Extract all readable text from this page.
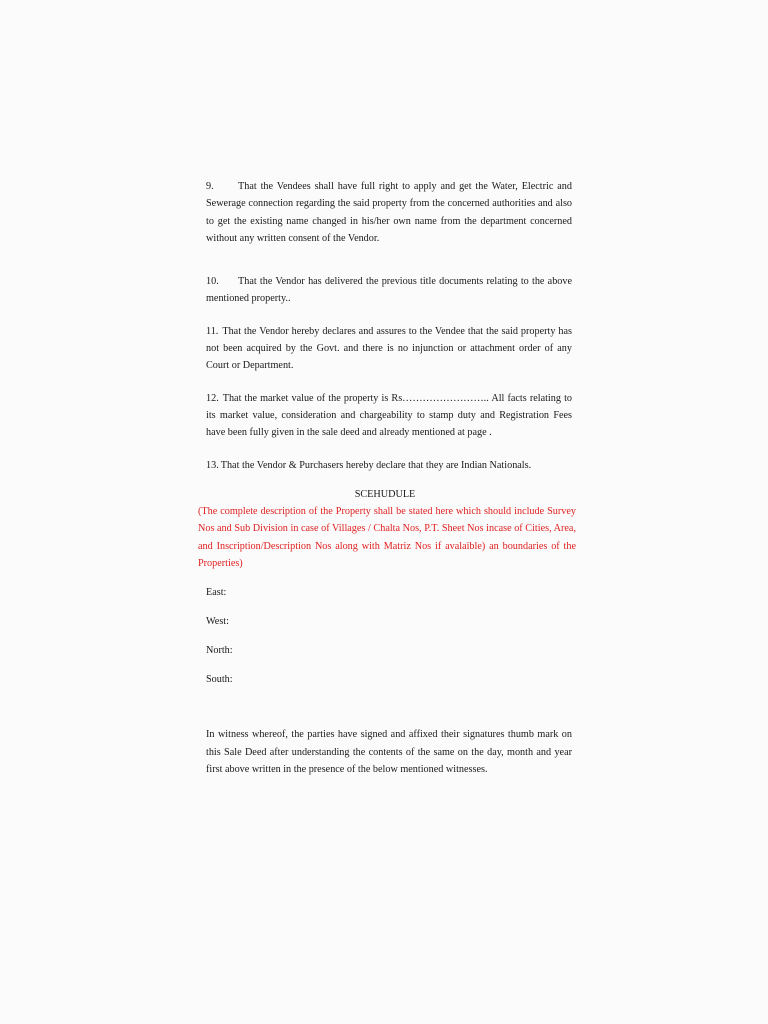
9. That the Vendees shall have full right to apply and get the Water, Electric and Sewerage connection regarding the said property from the concerned authorities and also to get the existing name changed in his/her own name from the department concerned without any written consent of the Vendor.

10. That the Vendor has delivered the previous title documents relating to the above mentioned property..

11. That the Vendor hereby declares and assures to the Vendee that the said property has not been acquired by the Govt. and there is no injunction or attachment order of any Court or Department.

12. That the market value of the property is Rs…………………….. All facts relating to its market value, consideration and chargeability to stamp duty and Registration Fees have been fully given in the sale deed and already mentioned at page .

13. That the Vendor & Purchasers hereby declare that they are Indian Nationals.

SCEHUDULE
(The complete description of the Property shall be stated here which should include Survey Nos and Sub Division in case of Villages / Chalta Nos, P.T. Sheet Nos incase of Cities, Area, and Inscription/Description Nos along with Matriz Nos if avalaible) an boundaries of the Properties)
East:
West:
North:
South:

In witness whereof, the parties have signed and affixed their signatures thumb mark on this Sale Deed after understanding the contents of the same on the day, month and year first above written in the presence of the below mentioned witnesses.
